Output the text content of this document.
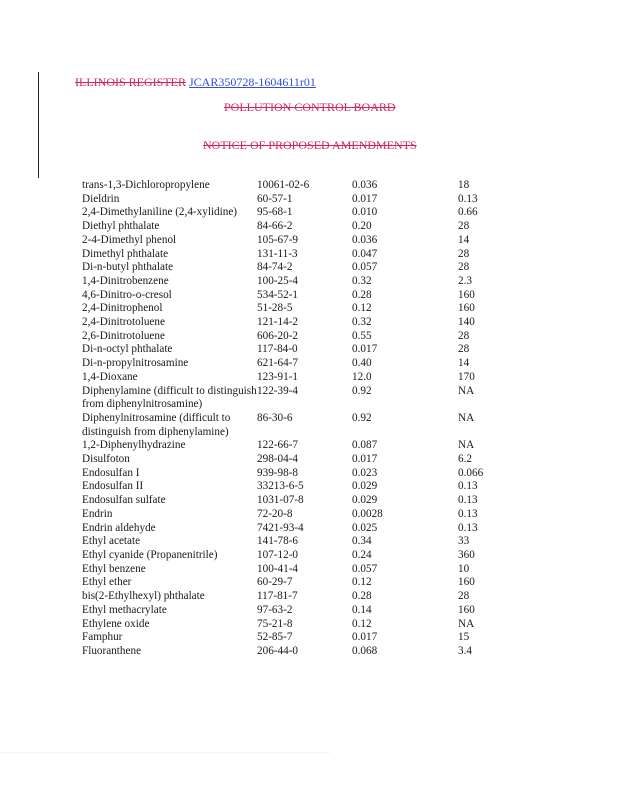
ILLINOIS REGISTER JCAR350728-1604611r01
POLLUTION CONTROL BOARD
NOTICE OF PROPOSED AMENDMENTS
trans-1,3-Dichloropropylene	10061-02-6	0.036	18
Dieldrin	60-57-1	0.017	0.13
2,4-Dimethylaniline (2,4-xylidine)	95-68-1	0.010	0.66
Diethyl phthalate	84-66-2	0.20	28
2-4-Dimethyl phenol	105-67-9	0.036	14
Dimethyl phthalate	131-11-3	0.047	28
Di-n-butyl phthalate	84-74-2	0.057	28
1,4-Dinitrobenzene	100-25-4	0.32	2.3
4,6-Dinitro-o-cresol	534-52-1	0.28	160
2,4-Dinitrophenol	51-28-5	0.12	160
2,4-Dinitrotoluene	121-14-2	0.32	140
2,6-Dinitrotoluene	606-20-2	0.55	28
Di-n-octyl phthalate	117-84-0	0.017	28
Di-n-propylnitrosamine	621-64-7	0.40	14
1,4-Dioxane	123-91-1	12.0	170
Diphenylamine (difficult to distinguish from diphenylnitrosamine)	122-39-4	0.92	NA
Diphenylnitrosamine (difficult to distinguish from diphenylamine)	86-30-6	0.92	NA
1,2-Diphenylhydrazine	122-66-7	0.087	NA
Disulfoton	298-04-4	0.017	6.2
Endosulfan I	939-98-8	0.023	0.066
Endosulfan II	33213-6-5	0.029	0.13
Endosulfan sulfate	1031-07-8	0.029	0.13
Endrin	72-20-8	0.0028	0.13
Endrin aldehyde	7421-93-4	0.025	0.13
Ethyl acetate	141-78-6	0.34	33
Ethyl cyanide (Propanenitrile)	107-12-0	0.24	360
Ethyl benzene	100-41-4	0.057	10
Ethyl ether	60-29-7	0.12	160
bis(2-Ethylhexyl) phthalate	117-81-7	0.28	28
Ethyl methacrylate	97-63-2	0.14	160
Ethylene oxide	75-21-8	0.12	NA
Famphur	52-85-7	0.017	15
Fluoranthene	206-44-0	0.068	3.4
